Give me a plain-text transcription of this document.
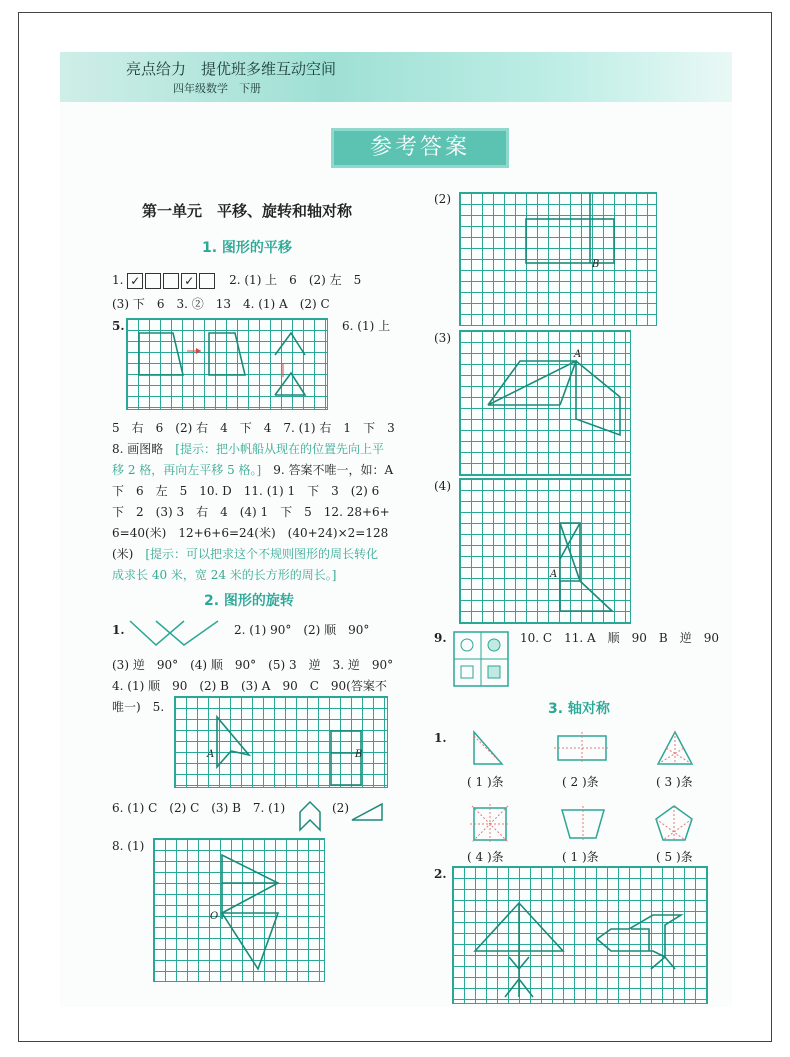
亮点给力　提优班多维互动空间
四年级数学　下册
参考答案
第一单元　平移、旋转和轴对称
1. 图形的平移
1. ✓	✓	2. (1) 上　6　(2) 左　5
(3) 下　6　3. ②　13　4. (1) A　(2) C
5.	6. (1) 上
5　右　6　(2) 右　4　下　4　7. (1) 右　1　下　3
8. 画图略　[提示：把小帆船从现在的位置先向上平
移 2 格，再向左平移 5 格。]　9. 答案不唯一，如：A
下　6　左　5　10. D　11. (1) 1　下　3　(2) 6
下　2　(3) 3　右　4　(4) 1　下　5　12. 28+6+
6=40(米)　12+6+6=24(米)　(40+24)×2=128
(米)　[提示：可以把求这个不规则图形的周长转化
成求长 40 米，宽 24 米的长方形的周长。]
2. 图形的旋转
1.	2. (1) 90°　(2) 顺　90°
(3) 逆　90°　(4) 顺　90°　(5) 3　逆　3. 逆　90°
4. (1) 顺　90　(2) B　(3) A　90　C　90(答案不
唯一)　5.
A	B
6. (1) C　(2) C　(3) B　7. (1)	(2)
8. (1)
O
(2)
B
(3)
A
(4)
A
9.	10. C　11. A　顺　90　B　逆　90
3. 轴对称
1.
( 1 )条	( 2 )条	( 3 )条
( 4 )条	( 1 )条	( 5 )条
2.
